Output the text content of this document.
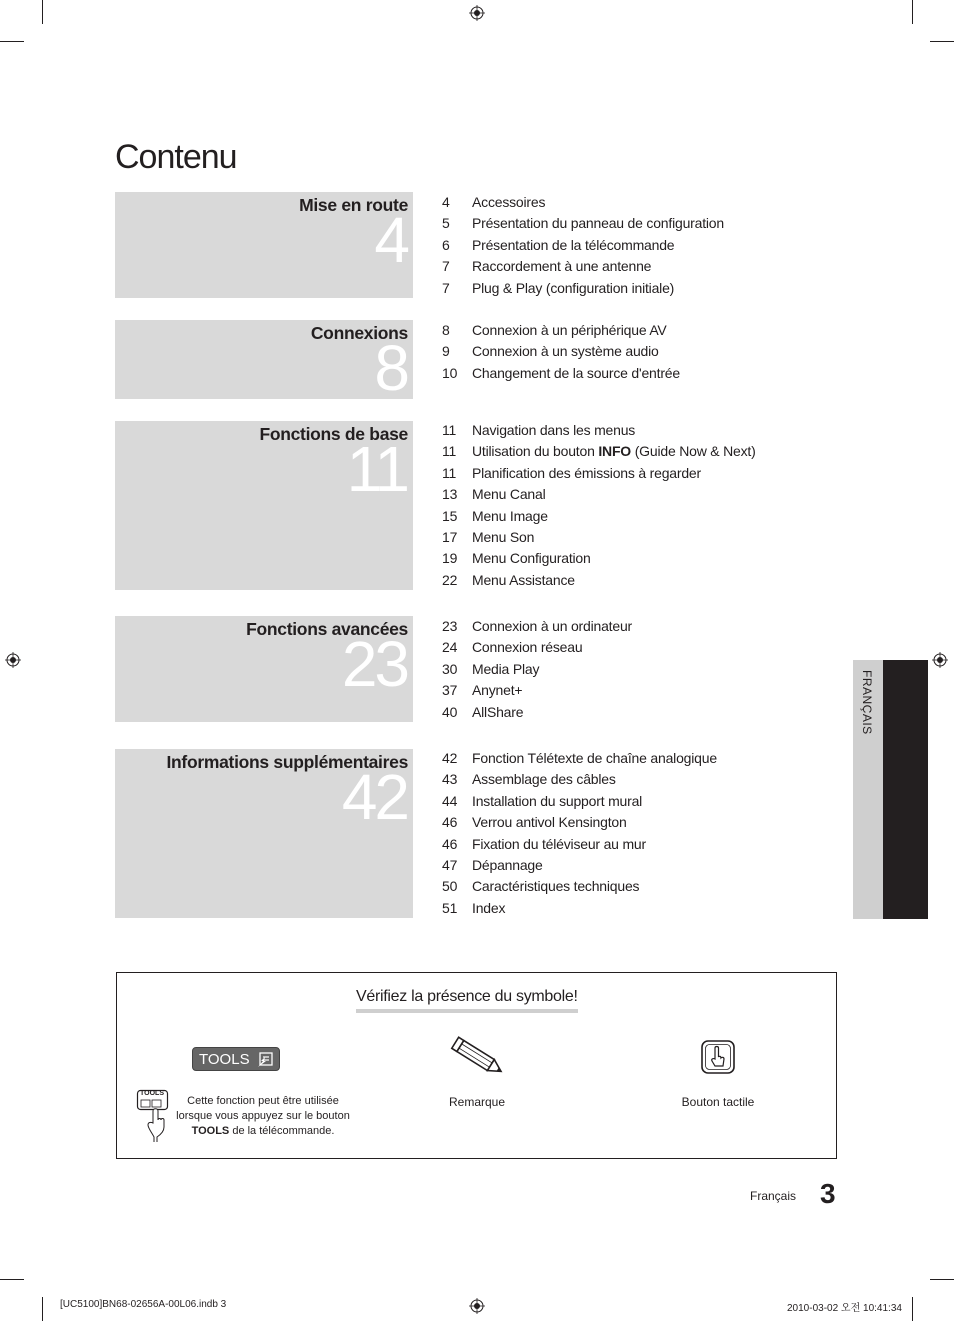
Contenu
Mise en route
4
4 Accessoires
5 Présentation du panneau de configuration
6 Présentation de la télécommande
7 Raccordement à une antenne
7 Plug & Play (configuration initiale)
Connexions
8
8 Connexion à un périphérique AV
9 Connexion à un système audio
10 Changement de la source d'entrée
Fonctions de base
11
11 Navigation dans les menus
11 Utilisation du bouton INFO (Guide Now & Next)
11 Planification des émissions à regarder
13 Menu Canal
15 Menu Image
17 Menu Son
19 Menu Configuration
22 Menu Assistance
Fonctions avancées
23
23 Connexion à un ordinateur
24 Connexion réseau
30 Media Play
37 Anynet+
40 AllShare
Informations supplémentaires
42
42 Fonction Télétexte de chaîne analogique
43 Assemblage des câbles
44 Installation du support mural
46 Verrou antivol Kensington
46 Fixation du téléviseur au mur
47 Dépannage
50 Caractéristiques techniques
51 Index
FRANÇAIS
Vérifiez la présence du symbole!
TOOLS
TOOLS
Cette fonction peut être utilisée
lorsque vous appuyez sur le bouton
TOOLS de la télécommande.
Remarque	Bouton tactile
Français 3
[UC5100]BN68-02656A-00L06.indb 3	2010-03-02 오전 10:41:34
